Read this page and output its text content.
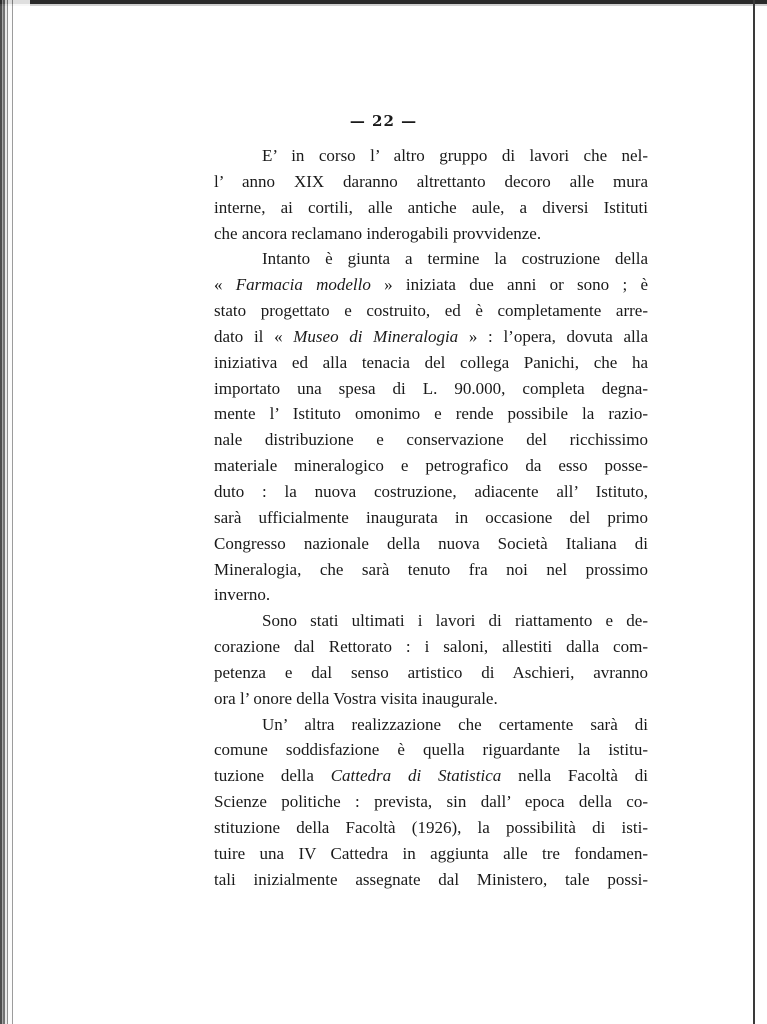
— 22 —
E’ in corso l’ altro gruppo di lavori che nel-
l’ anno XIX daranno altrettanto decoro alle mura
interne, ai cortili, alle antiche aule, a diversi Istituti
che ancora reclamano inderogabili provvidenze.
Intanto è giunta a termine la costruzione della
« Farmacia modello » iniziata due anni or sono ; è
stato progettato e costruito, ed è completamente arre-
dato il « Museo di Mineralogia » : l’opera, dovuta alla
iniziativa ed alla tenacia del collega Panichi, che ha
importato una spesa di L. 90.000, completa degna-
mente l’ Istituto omonimo e rende possibile la razio-
nale distribuzione e conservazione del ricchissimo
materiale mineralogico e petrografico da esso posse-
duto : la nuova costruzione, adiacente all’ Istituto,
sarà ufficialmente inaugurata in occasione del primo
Congresso nazionale della nuova Società Italiana di
Mineralogia, che sarà tenuto fra noi nel prossimo
inverno.
Sono stati ultimati i lavori di riattamento e de-
corazione dal Rettorato : i saloni, allestiti dalla com-
petenza e dal senso artistico di Aschieri, avranno
ora l’ onore della Vostra visita inaugurale.
Un’ altra realizzazione che certamente sarà di
comune soddisfazione è quella riguardante la istitu-
tuzione della Cattedra di Statistica nella Facoltà di
Scienze politiche : prevista, sin dall’ epoca della co-
stituzione della Facoltà (1926), la possibilità di isti-
tuire una IV Cattedra in aggiunta alle tre fondamen-
tali inizialmente assegnate dal Ministero, tale possi-
